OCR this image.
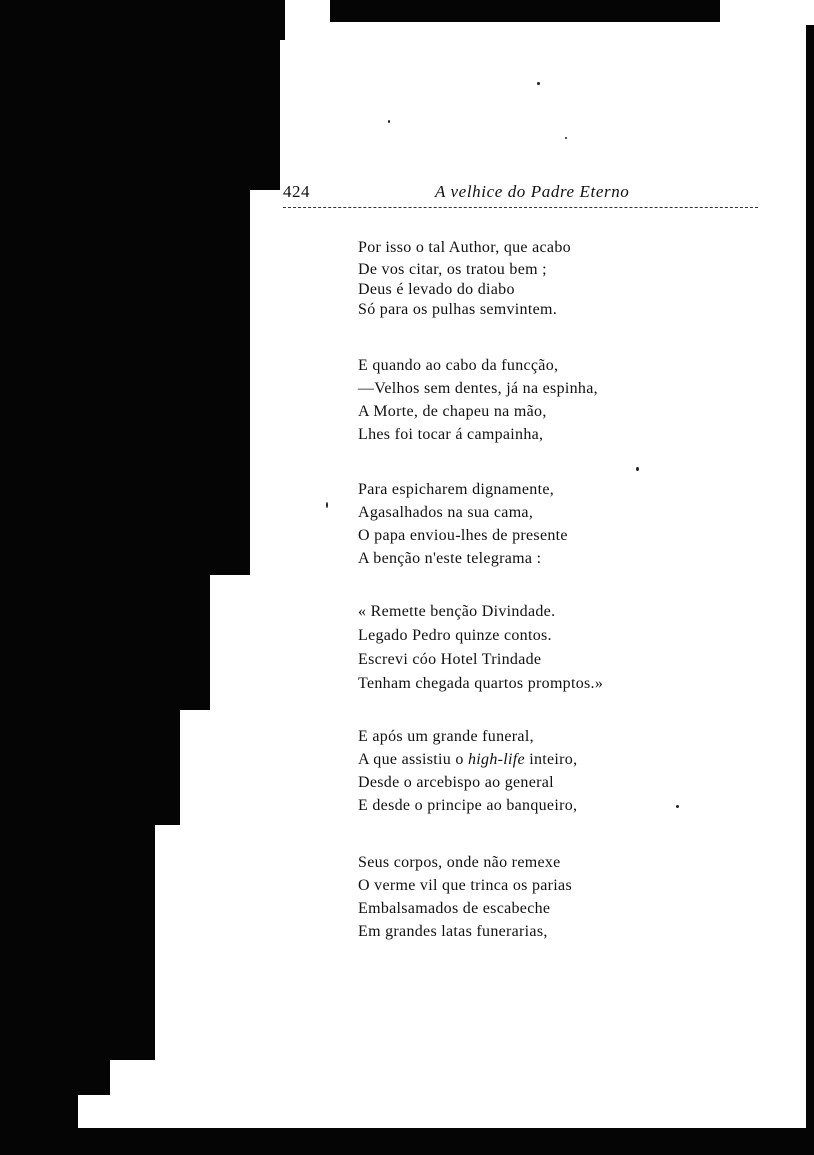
424	A velhice do Padre Eterno
Por isso o tal Author, que acabo
De vos citar, os tratou bem ;
Deus é levado do diabo
Só para os pulhas semvintem.
E quando ao cabo da funcção,
—Velhos sem dentes, já na espinha,
A Morte, de chapeu na mão,
Lhes foi tocar á campainha,
Para espicharem dignamente,
Agasalhados na sua cama,
O papa enviou-lhes de presente
A benção n'este telegrama :
« Remette benção Divindade.
Legado Pedro quinze contos.
Escrevi cóo Hotel Trindade
Tenham chegada quartos promptos.»
E após um grande funeral,
A que assistiu o high-life inteiro,
Desde o arcebispo ao general
E desde o principe ao banqueiro,
Seus corpos, onde não remexe
O verme vil que trinca os parias
Embalsamados de escabeche
Em grandes latas funerarias,
